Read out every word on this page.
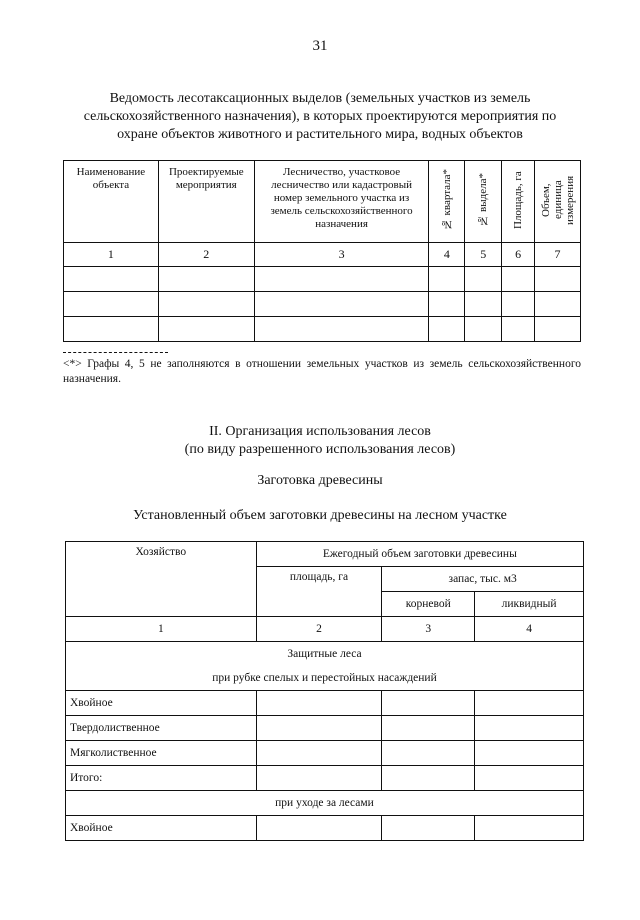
31
Ведомость лесотаксационных выделов (земельных участков из земель
сельскохозяйственного назначения), в которых проектируются мероприятия по
охране объектов животного и растительного мира, водных объектов
Наименование объекта	Проектируемые мероприятия	Лесничество, участковое лесничество или кадастровый номер земельного участка из земель сельскохозяйственного назначения	№ квартала*	№ выдела*	Площадь, га	Объем, единица измерения
1	2	3	4	5	6	7

<*> Графы 4, 5 не заполняются в отношении земельных участков из земель сельскохозяйственного назначения.
II. Организация использования лесов
(по виду разрешенного использования лесов)
Заготовка древесины
Установленный объем заготовки древесины на лесном участке
Хозяйство	Ежегодный объем заготовки древесины		
	площадь, га	запас, тыс. м3	
		корневой	ликвидный
1	2	3	4

Защитные леса
при рубке спелых и перестойных насаждений			

Хвойное			
Твердолиственное			
Мягколиственное			
Итого:			
при уходе за лесами			
Хвойное			
